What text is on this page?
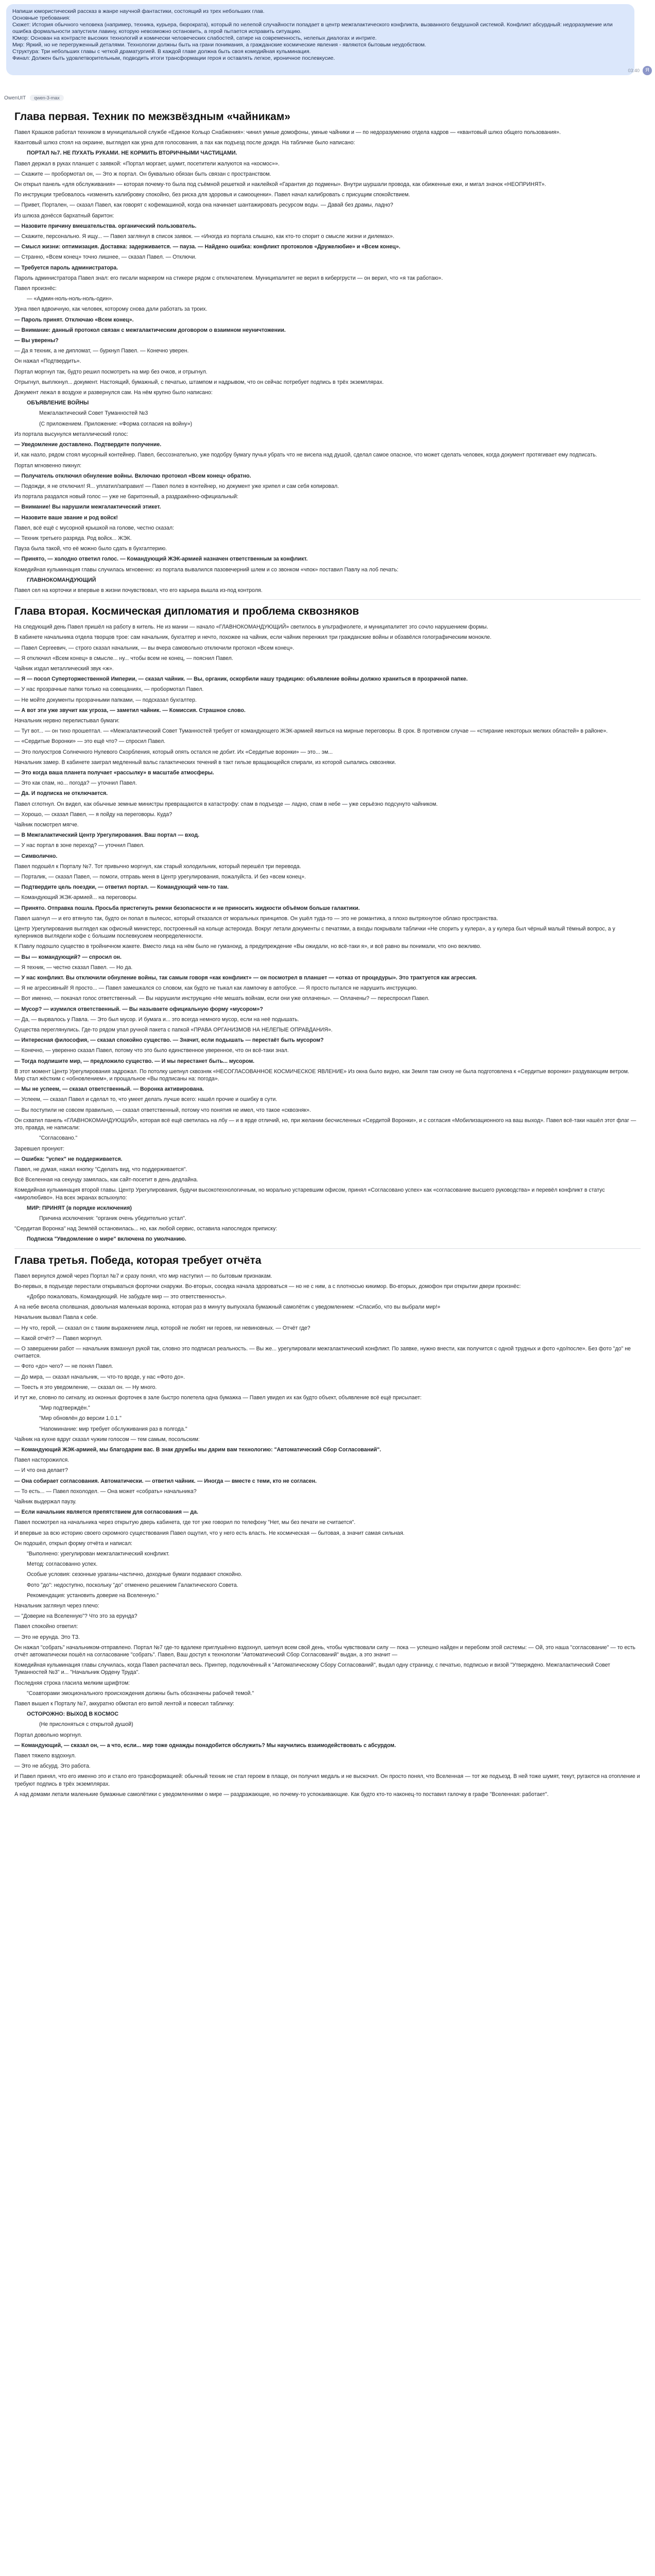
Напиши юмористический рассказ в жанре научной фантастики, состоящий из трех небольших глав.

Основные требования:

Сюжет: История обычного человека (например, техника, курьера, бюрократа), который по нелепой случайности попадает в центр межгалактического конфликта, вызванного бездушной системой. Конфликт абсурдный: недоразумение или ошибка формальности запустили лавину, которую невозможно остановить, а герой пытается исправить ситуацию.

Юмор: Основан на контрасте высоких технологий и комически человеческих слабостей, сатире на современность, нелепых диалогах и интриге.

Мир: Яркий, но не перегруженный деталями. Технологии должны быть на грани понимания, а гражданские космические явления - являются бытовым неудобством.

Структура: Три небольших главы с четкой драматургией. В каждой главе должна быть своя комедийная кульминация.

Финал: Должен быть удовлетворительным, подводить итоги трансформации героя и оставлять легкое, ироничное послевкусие.

03:40	Я
OwenUIT	qwen-3-max
Глава первая. Техник по межзвёздным «чайникам»

Павел Крашков работал техником в муниципальной службе «Единое Кольцо Снабжения»: чинил умные домофоны, умные чайники и — по недоразумению отдела кадров — «квантовый шлюз общего пользования».

Квантовый шлюз стоял на окраине, выглядел как урна для голосования, а пах как подъезд после дождя. На табличке было написано:

ПОРТАЛ №7. НЕ ПУХАТЬ РУКАМИ. НЕ КОРМИТЬ ВТОРИЧНЫМИ ЧАСТИЦАМИ.

Павел держал в руках планшет с заявкой: «Портал моргает, шумит, посетители жалуются на «космос»».

— Скажите — пробормотал он, — Это ж портал. Он буквально обязан быть связан с пространством.

Он открыл панель «для обслуживания» — которая почему-то была под съёмной решеткой и наклейкой «Гарантия до подмены». Внутри шуршали провода, как обиженные ежи, и мигал значок «НЕОПРИНЯТ».

По инструкции требовалось «изменить калибровку спокойно, без риска для здоровья и самооценки». Павел начал калибровать с присущим спокойствием.

— Привет, Портален, — сказал Павел, как говорят с кофемашиной, когда она начинает шантажировать ресурсом воды. — Давай без драмы, ладно?

Из шлюза донёсся бархатный баритон:

— Назовите причину вмешательства. органический пользователь.

— Скажите, персонально. Я ищу... — Павел заглянул в список заявок. — «Иногда из портала слышно, как кто-то спорит о смысле жизни и дилемах».

— Смысл жизни: оптимизация. Доставка: задерживается. — пауза. — Найдено ошибка: конфликт протоколов «Дружелюбие» и «Всем конец».

— Странно, «Всем конец» точно лишнее, — сказал Павел. — Отключи.

— Требуется пароль администратора.

Пароль администратора Павел знал: его писали маркером на стикере рядом с отключателем. Муниципалитет не верил в кибергрусти — он верил, что «я так работаю».

Павел произнёс:

— «Админ-ноль-ноль-ноль-один».

Урна пвел вдвоичную, как человек, которому снова дали работать за троих.

— Пароль принят. Отключаю «Всем конец».

— Внимание: данный протокол связан с межгалактическим договором о взаимном неуничтожении.

— Вы уверены?

— Да я техник, а не дипломат, — буркнул Павел. — Конечно уверен.

Он нажал «Подтвердить».

Портал моргнул так, будто решил посмотреть на мир без очков, и отрыгнул.

Отрыгнул, выплюнул... документ. Настоящий, бумажный, с печатью, штампом и надрывом, что он сейчас потребует подпись в трёх экземплярах.

Документ лежал в воздухе и развернулся сам. На нём крупно было написано:

ОБЪЯВЛЕНИЕ ВОЙНЫ

Межгалактический Совет Туманностей №3

(С приложением. Приложение: «Форма согласия на войну»)

Из портала высунулся металлический голос:

— Уведомление доставлено. Подтвердите получение.

И, как назло, рядом стоял мусорный контейнер. Павел, бессознательно, уже подобру бумагу пучья убрать что не висела над душой, сделал самое опасное, что может сделать человек, когда документ протягивает ему подписать.

Портал мгновенно пикнул:

— Получатель отключил обнуление войны. Включаю протокол «Всем конец» обратно.

— Подожди, я не отключил! Я... уплатил/заправил! — Павел полез в контейнер, но документ уже хрипел и сам себя копировал.

Из портала раздался новый голос — уже не баритонный, а раздражённо-официальный:

— Внимание! Вы нарушили межгалактический этикет.

— Назовите ваше звание и род войск!

Павел, всё ещё с мусорной крышкой на голове, честно сказал:

— Техник третьего разряда. Род войск... ЖЭК.

Пауза была такой, что её можно было сдать в бухгалтерию.

— Принято, — холодно ответил голос. — Командующий ЖЭК-армией назначен ответственным за конфликт.

Комедийная кульминация главы случилась мгновенно: из портала вывалился пазовечерний шлем и со звонком «чпок» поставил Павлу на лоб печать:

ГЛАВНОКОМАНДУЮЩИЙ

Павел сел на корточки и впервые в жизни почувствовал, что его карьера вышла из-под контроля.

Глава вторая. Космическая дипломатия и проблема сквозняков

На следующий день Павел пришёл на работу в китель. Не из мании — начало «ГЛАВНОКОМАНДУЮЩИЙ» светилось в ультрафиолете, и муниципалитет это сочло нарушением формы.

В кабинете начальника отдела творцов трое: сам начальник, бухгалтер и нечто, похожее на чайник, если чайник перенжил три гражданские войны и обзавёлся голографическим монокле.

— Павел Сергеевич, — строго сказал начальник, — вы вчера самовольно отключили протокол «Всем конец».

— Я отключил «Всем конец» в смысле... ну... чтобы всем не конец, — пояснил Павел.

Чайник издал металлический звук «ж».

— Я — посол Суперторжественной Империи, — сказал чайник. — Вы, органик, оскорбили нашу традицию: объявление войны должно храниться в прозрачной папке.

— У нас прозрачные папки только на совещаниях, — пробормотал Павел.

— Не мойте документы прозрачными папками, — подсказал бухгалтер.

— А вот эти уже звучит как угроза, — заметил чайник. — Комиссия. Страшное слово.

Начальник нервно перелистывал бумаги:

— Тут вот... — он тихо прошептал. — «Межгалактический Совет Туманностей требует от командующего ЖЭК-армией явиться на мирные переговоры. В срок. В противном случае — «стирание некоторых мелких областей» в районе».

— «Сердитые Воронки» — это ещё что? — спросил Павел.

— Это полуостров Солнечного Нулевого Скорбления, который опять остался не добит. Их «Сердитые воронки» — это... эм...

Начальник замер. В кабинете заиграл медленный вальс галактических течений в такт гильзе вращающейся спирали, из которой сыпались сквозняки.

— Это когда ваша планета получает «рассылку» в масштабе атмосферы.

— Это как спам, но... погода? — уточнил Павел.

— Да. И подписка не отключается.

Павел сглотнул. Он видел, как обычные земные министры превращаются в катастрофу: спам в подъезде — ладно, спам в небе — уже серьёзно подсунуто чайником.

— Хорошо, — сказал Павел, — я пойду на переговоры. Куда?

Чайник посмотрел мягче.

— В Межгалактический Центр Урегулирования. Ваш портал — вход.

— У нас портал в зоне переход? — уточнил Павел.

— Символично.

Павел подошёл к Порталу №7. Тот привычно моргнул, как старый холодильник, который перешёл три перевода.

— Порталик, — сказал Павел, — помоги, отправь меня в Центр урегулирования, пожалуйста. И без «всем конец».

— Подтвердите цель поездки, — ответил портал. — Командующий чем-то там.

— Командующий ЖЭК-армией... на переговоры.

— Принято. Отправка пошла. Просьба пристегнуть ремни безопасности и не приносить жидкости объёмом больше галактики.

Павел шагнул — и его втянуло так, будто он попал в пылесос, который отказался от моральных принципов. Он ушёл туда-то — это не романтика, а плохо вытряхнутое облако пространства.

Центр Урегулирования выглядел как офисный министерс, построенный на кольце астероида. Вокруг летали документы с печатями, а входы покрывали таблички «Не спорить у кулера», а у кулера был чёрный малый тёмный вопрос, а у кулерников выглядели кофе с большим послевкусием неопределенности.

К Павлу подошло существо в тройничном жакете. Вместо лица на нём было не гуманоид, а предупреждение «Вы ожидали, но всё-таки я», и всё равно вы понимали, что оно вежливо.

— Вы — командующий? — спросил он.

— Я техник, — честно сказал Павел. — Но да.

— У нас конфликт. Вы отключили обнуление войны, так самым говоря «как конфликт» — он посмотрел в планшет — «отказ от процедуры». Это трактуется как агрессия.

— Я не агрессивный! Я просто... — Павел замешкался со словом, как будто не тыкал как лампочку в автобусе. — Я просто пытался не нарушить инструкцию.

— Вот именно, — покачал голос ответственный. — Вы нарушили инструкцию «Не мешать войнам, если они уже оплачены». — Оплачены? — переспросил Павел.

— Мусор? — изумился ответственный. — Вы называете официальную форму «мусором»?

— Да, — вырвалось у Павла. — Это был мусор. И бумага и... это всегда немного мусор, если на неё подышать.

Существа переглянулись. Где-то рядом упал ручной пакета с папкой «ПРАВА ОРГАНИЗМОВ НА НЕЛЕПЫЕ ОПРАВДАНИЯ».

— Интересная философия, — сказал спокойно существо. — Значит, если подышать — перестаёт быть мусором?

— Конечно, — уверенно сказал Павел, потому что это было единственное уверенное, что он всё-таки знал.

— Тогда подпишите мир, — предложило существо. — И мы перестанет быть... мусором.

В этот момент Центр Урегулирования задрожал. По потолку шепнул сквозняк «НЕСОГЛАСОВАННОЕ КОСМИЧЕСКОЕ ЯВЛЕНИЕ» Из окна было видно, как Земля там снизу не была подготовлена к «Сердитые воронки» раздувающим ветром. Мир стал жёстким с «обновлением», и прощальное «Вы подписаны на: погода».

— Мы не успеем, — сказал ответственный. — Воронка активирована.

— Успеем, — сказал Павел и сделал то, что умеет делать лучше всего: нашёл прочие и ошибку в сути.

— Вы поступили не совсем правильно, — сказал ответственный, потому что понятия не имел, что такое «сквозняк».

Он схватил панель «ГЛАВНОКОМАНДУЮЩИЙ», которая всё ещё светилась на лбу — и в ярде отличий, но, при желании бесчисленных «Сердитой Воронки», и с согласия «Мобилизационного на ваш выход». Павел всё-таки нашёл этот флаг — это, правда, не написали:

"Согласовано."

Заревшел пронуют:

— Ошибка: "успех" не поддерживается.

Павел, не думая, нажал кнопку "Сделать вид, что поддерживается".

Всё Вселенная на секунду замялась, как сайт-посетит в день дедлайна.

Комедийная кульминация второй главы. Центр Урегулирования, будучи высокотехнологичным, но морально устаревшим офисом, принял «Согласовано успех» как «согласование высшего руководства» и перевёл конфликт в статус «миролюбиво». На всех экранах вспыхнуло:

МИР: ПРИНЯТ (в порядке исключения)

Причина исключения: "органик очень убедительно устал".

"Сердитая Воронка" над Землёй остановилась... но, как любой сервис, оставила напоследок приписку:

Подписка "Уведомление о мире" включена по умолчанию.

Глава третья. Победа, которая требует отчёта

Павел вернулся домой через Портал №7 и сразу понял, что мир наступил — по бытовым признакам.

Во-первых, в подъезде перестали открываться форточки снаружи. Во-вторых, соседка начала здороваться — но не с ним, а с плотносью кикимор. Во-вторых, домофон при открытии двери произнёс:

«Добро пожаловать, Командующий. Не забудьте мир — это ответственность».

А на небе висела сполвшная, довольная маленькая воронка, которая раз в минуту выпускала бумажный самолётик с уведомлением: «Спасибо, что вы выбрали мир!»

Начальник вызвал Павла к себе.

— Ну что, герой, — сказал он с таким выражением лица, которой не любят ни героев, ни невиновных. — Отчёт где?

— Какой отчёт? — Павел моргнул.

— О завершении работ — начальник взмахнул рукой так, словно это подписал реальность. — Вы же... урегулировали межгалактический конфликт. По заявке, нужно внести, как получится с одной трудных и фото «до/после». Без фото "до" не считается.

— Фото «до» чего? — не понял Павел.

— До мира, — сказал начальник, — что-то вроде, у нас «Фото до».

— Тоесть я это уведомление, — сказал он. — Ну много.

И тут же, словно по сигналу, из оконных форточек в зале быстро полетела одна бумажка — Павел увидел их как будто объект, объявление всё ещё присылает:

"Мир подтверждён."

"Мир обновлён до версии 1.0.1."

"Напоминание: мир требует обслуживания раз в полгода."

Чайник на кухне вдруг сказал чужим голосом — тем самым, посольским:

— Командующий ЖЭК-армией, мы благодарим вас. В знак дружбы мы дарим вам технологию: "Автоматический Сбор Согласований".

Павел насторожился.

— И что она делает?

— Она собирает согласования. Автоматически. — ответил чайник. — Иногда — вместе с теми, кто не согласен.

— То есть... — Павел похолодел. — Она может «собрать» начальника?

Чайник выдержал паузу.

— Если начальник является препятствием для согласования — да.

Павел посмотрел на начальника через открытую дверь кабинета, где тот уже говорил по телефону "Нет, мы без печати не считается".

И впервые за всю историю своего скромного существования Павел ощутил, что у него есть власть. Не космическая — бытовая, а значит самая сильная.

Он подошёл, открыл форму отчёта и написал:

"Выполнено: урегулирован межгалактический конфликт.

Метод: согласованно успех.

Особые условия: сезонные ураганы-частично, доходные бумаги подавают спокойно.

Фото "до": недоступно, поскольку "до" отменено решением Галактического Совета.

Рекомендация: установить доверие на Вселенную."

Начальник заглянул через плечо:

— "Доверие на Вселенную"? Что это за ерунда?

Павел спокойно ответил:

— Это не ерунда. Это ТЗ.

Он нажал "собрать" начальником-отправлено. Портал №7 где-то вдалеке приглушённо вздохнул, шепнул всем свой день, чтобы чувствовали силу — пока — успешно найден и перебоям этой системы: — Ой, это наша "согласование" — то есть отчёт автоматически пошёл на согласование "собрать". Павел, Ваш доступ к технологии "Автоматический Сбор Согласований" выдан, а это значит —

Комедийная кульминация главы случилась, когда Павел распечатал весь. Принтер, подключённый к "Автоматическому Сбору Согласований", выдал одну страницу, с печатью, подписью и визой "Утверждено. Межгалактический Совет Туманностей №3" и... "Начальник Ордену Труда".

Последняя строка гласила мелким шрифтом:

"Соавторами эмоционального происхождения должны быть обозначены рабочей темой."

Павел вышел к Порталу №7, аккуратно обмотал его витой лентой и повесил табличку:

ОСТОРОЖНО: ВЫХОД В КОСМОС

(Не прислоняться с открытой душой)

Портал довольно моргнул.

— Командующий, — сказал он, — а что, если... мир тоже однажды понадобится обслужить? Мы научились взаимодействовать с абсурдом.

Павел тяжело вздохнул.

— Это не абсурд. Это работа.

И Павел принял, что его именно это и стало его трансформацией: обычный техник не стал героем в плаще, он получил медаль и не выскочил. Он просто понял, что Вселенная — тот же подъезд. В ней тоже шумят, текут, ругаются на отопление и требуют подпись в трёх экземплярах.

А над домами летали маленькие бумажные самолётики с уведомлениями о мире — раздражающие, но почему-то успокаивающие. Как будто кто-то наконец-то поставил галочку в графе "Вселенная: работает".
